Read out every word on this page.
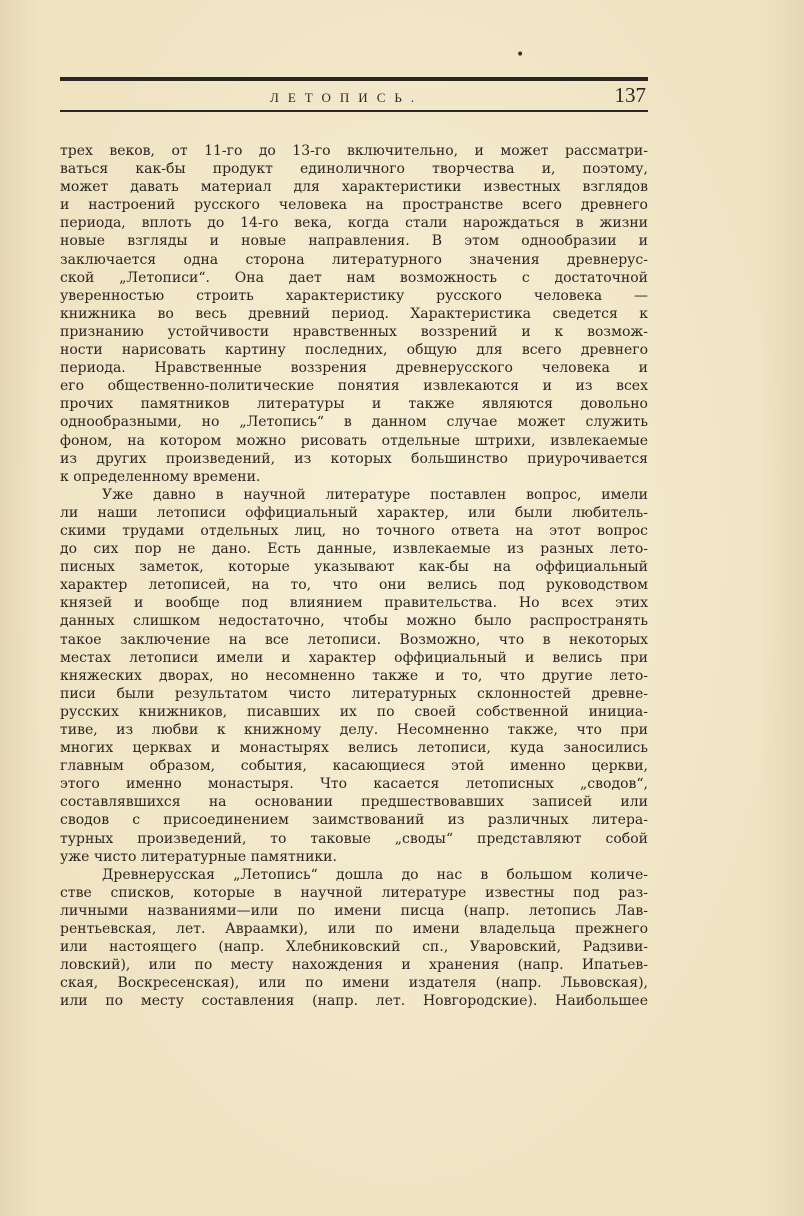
•
ЛЕТОПИСЬ.	137
трех веков, от 11-го до 13-го включительно, и может рассматри-
ваться как-бы продукт единоличного творчества и, поэтому,
может давать материал для характеристики известных взглядов
и настроений русского человека на пространстве всего древнего
периода, вплоть до 14-го века, когда стали нарождаться в жизни
новые взгляды и новые направления. В этом однообразии и
заключается одна сторона литературного значения древнерус-
ской „Летописи“. Она дает нам возможность с достаточной
уверенностью строить характеристику русского человека —
книжника во весь древний период. Характеристика сведется к
признанию устойчивости нравственных воззрений и к возмож-
ности нарисовать картину последних, общую для всего древнего
периода. Нравственные воззрения древнерусского человека и
его общественно-политические понятия извлекаются и из всех
прочих памятников литературы и также являются довольно
однообразными, но „Летопись“ в данном случае может служить
фоном, на котором можно рисовать отдельные штрихи, извлекаемые
из других произведений, из которых большинство приурочивается
к определенному времени.
Уже давно в научной литературе поставлен вопрос, имели
ли наши летописи оффициальный характер, или были любитель-
скими трудами отдельных лиц, но точного ответа на этот вопрос
до сих пор не дано. Есть данные, извлекаемые из разных лето-
писных заметок, которые указывают как-бы на оффициальный
характер летописей, на то, что они велись под руководством
князей и вообще под влиянием правительства. Но всех этих
данных слишком недостаточно, чтобы можно было распространять
такое заключение на все летописи. Возможно, что в некоторых
местах летописи имели и характер оффициальный и велись при
княжеских дворах, но несомненно также и то, что другие лето-
писи были результатом чисто литературных склонностей древне-
русских книжников, писавших их по своей собственной инициа-
тиве, из любви к книжному делу. Несомненно также, что при
многих церквах и монастырях велись летописи, куда заносились
главным образом, события, касающиеся этой именно церкви,
этого именно монастыря. Что касается летописных „сводов“,
составлявшихся на основании предшествовавших записей или
сводов с присоединением заимствований из различных литера-
турных произведений, то таковые „своды“ представляют собой
уже чисто литературные памятники.
Древнерусская „Летопись“ дошла до нас в большом количе-
стве списков, которые в научной литературе известны под раз-
личными названиями—или по имени писца (напр. летопись Лав-
рентьевская, лет. Авраамки), или по имени владельца прежнего
или настоящего (напр. Хлебниковский сп., Уваровский, Радзиви-
ловский), или по месту нахождения и хранения (напр. Ипатьев-
ская, Воскресенская), или по имени издателя (напр. Львовская),
или по месту составления (напр. лет. Новгородские). Наибольшее
